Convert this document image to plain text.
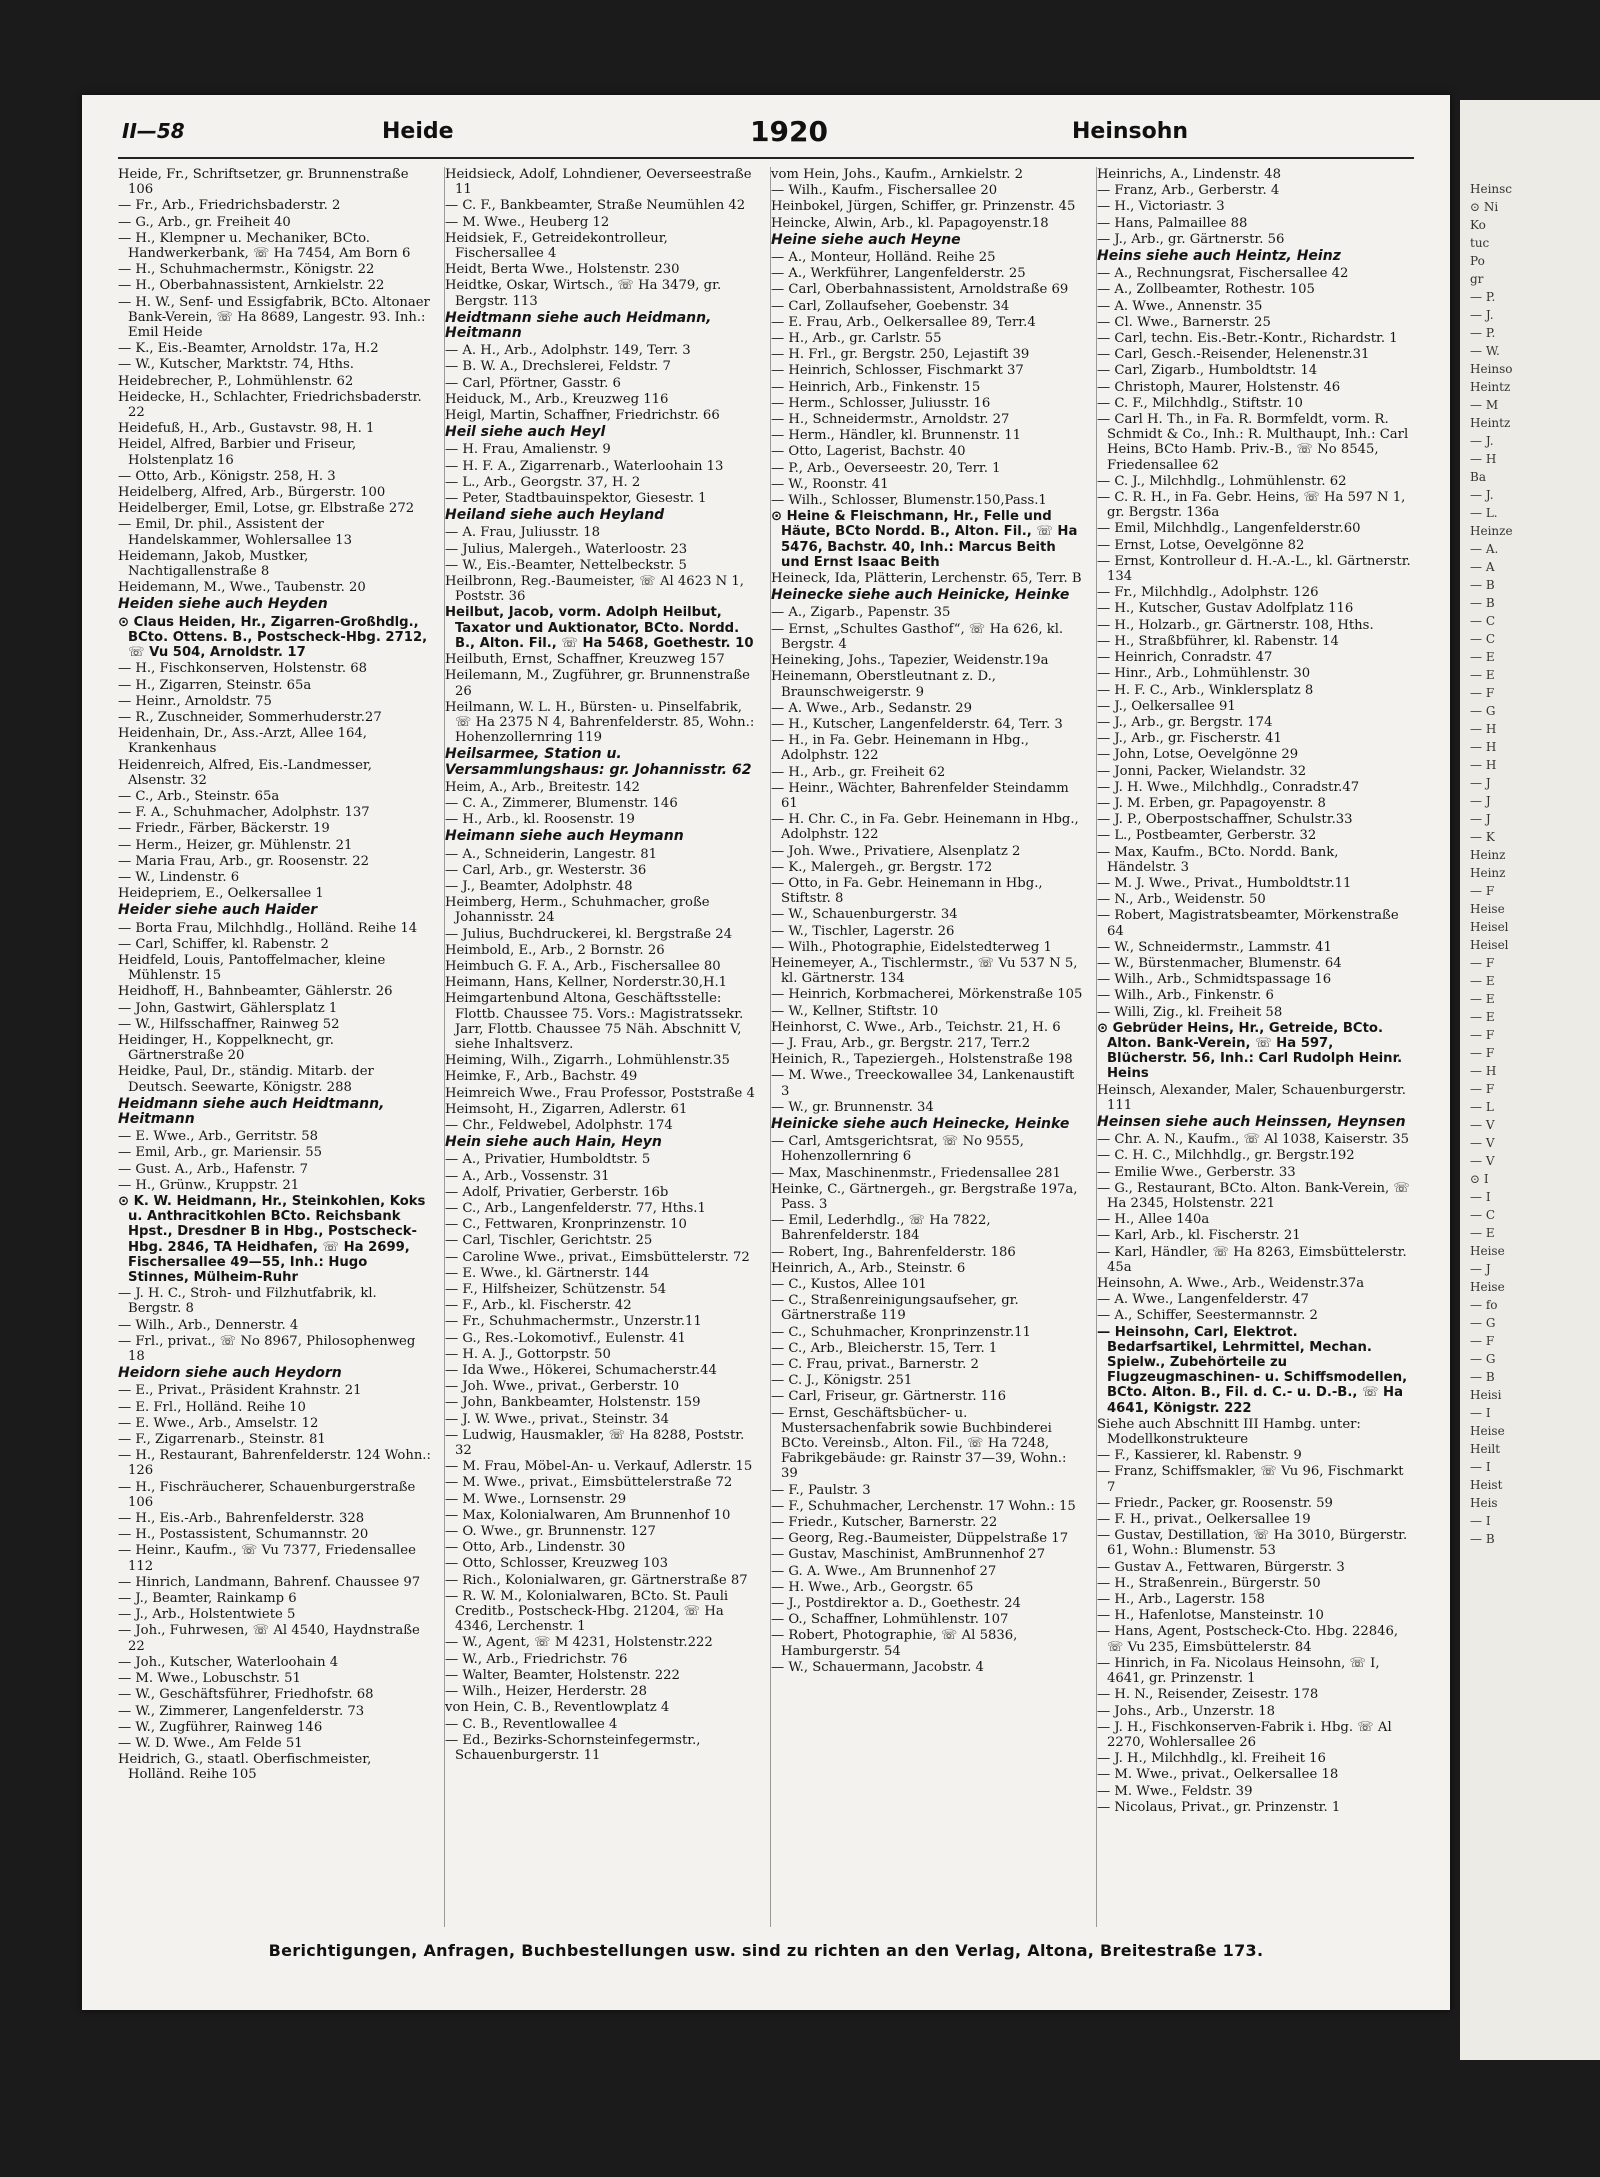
II—58	Heide	1920	Heinsohn
Heide, Fr., Schriftsetzer, gr. Brunnenstraße 106
— Fr., Arb., Friedrichsbaderstr. 2
— G., Arb., gr. Freiheit 40
— H., Klempner u. Mechaniker, BCto. Handwerkerbank, ☏ Ha 7454, Am Born 6
— H., Schuhmachermstr., Königstr. 22
— H., Oberbahnassistent, Arnkielstr. 22
— H. W., Senf- und Essigfabrik, BCto. Altonaer Bank-Verein, ☏ Ha 8689, Langestr. 93. Inh.: Emil Heide
— K., Eis.-Beamter, Arnoldstr. 17a, H.2
— W., Kutscher, Marktstr. 74, Hths.
Heidebrecher, P., Lohmühlenstr. 62
Heidecke, H., Schlachter, Friedrichsbaderstr. 22
Heidefuß, H., Arb., Gustavstr. 98, H. 1
Heidel, Alfred, Barbier und Friseur, Holstenplatz 16
— Otto, Arb., Königstr. 258, H. 3
Heidelberg, Alfred, Arb., Bürgerstr. 100
Heidelberger, Emil, Lotse, gr. Elbstraße 272
— Emil, Dr. phil., Assistent der Handelskammer, Wohlersallee 13
Heidemann, Jakob, Mustker, Nachtigallenstraße 8
Heidemann, M., Wwe., Taubenstr. 20
Heiden siehe auch Heyden
⊙ Claus Heiden, Hr., Zigarren-Großhdlg., BCto. Ottens. B., Postscheck-Hbg. 2712, ☏ Vu 504, Arnoldstr. 17
— H., Fischkonserven, Holstenstr. 68
— H., Zigarren, Steinstr. 65a
— Heinr., Arnoldstr. 75
— R., Zuschneider, Sommerhuderstr.27
Heidenhain, Dr., Ass.-Arzt, Allee 164, Krankenhaus
Heidenreich, Alfred, Eis.-Landmesser, Alsenstr. 32
— C., Arb., Steinstr. 65a
— F. A., Schuhmacher, Adolphstr. 137
— Friedr., Färber, Bäckerstr. 19
— Herm., Heizer, gr. Mühlenstr. 21
— Maria Frau, Arb., gr. Roosenstr. 22
— W., Lindenstr. 6
Heidepriem, E., Oelkersallee 1
Heider siehe auch Haider
— Borta Frau, Milchhdlg., Holländ. Reihe 14
— Carl, Schiffer, kl. Rabenstr. 2
Heidfeld, Louis, Pantoffelmacher, kleine Mühlenstr. 15
Heidhoff, H., Bahnbeamter, Gählerstr. 26
— John, Gastwirt, Gählersplatz 1
— W., Hilfsschaffner, Rainweg 52
Heidinger, H., Koppelknecht, gr. Gärtnerstraße 20
Heidke, Paul, Dr., ständig. Mitarb. der Deutsch. Seewarte, Königstr. 288
Heidmann siehe auch Heidtmann, Heitmann
— E. Wwe., Arb., Gerritstr. 58
— Emil, Arb., gr. Mariensir. 55
— Gust. A., Arb., Hafenstr. 7
— H., Grünw., Kruppstr. 21
⊙ K. W. Heidmann, Hr., Steinkohlen, Koks u. Anthracitkohlen BCto. Reichsbank Hpst., Dresdner B in Hbg., Postscheck-Hbg. 2846, TA Heidhafen, ☏ Ha 2699, Fischersallee 49—55, Inh.: Hugo Stinnes, Mülheim-Ruhr
— J. H. C., Stroh- und Filzhutfabrik, kl. Bergstr. 8
— Wilh., Arb., Dennerstr. 4
— Frl., privat., ☏ No 8967, Philosophenweg 18
Heidorn siehe auch Heydorn
— E., Privat., Präsident Krahnstr. 21
— E. Frl., Holländ. Reihe 10
— E. Wwe., Arb., Amselstr. 12
— F., Zigarrenarb., Steinstr. 81
— H., Restaurant, Bahrenfelderstr. 124 Wohn.: 126
— H., Fischräucherer, Schauenburgerstraße 106
— H., Eis.-Arb., Bahrenfelderstr. 328
— H., Postassistent, Schumannstr. 20
— Heinr., Kaufm., ☏ Vu 7377, Friedensallee 112
— Hinrich, Landmann, Bahrenf. Chaussee 97
— J., Beamter, Rainkamp 6
— J., Arb., Holstentwiete 5
— Joh., Fuhrwesen, ☏ Al 4540, Haydnstraße 22
— Joh., Kutscher, Waterloohain 4
— M. Wwe., Lobuschstr. 51
— W., Geschäftsführer, Friedhofstr. 68
— W., Zimmerer, Langenfelderstr. 73
— W., Zugführer, Rainweg 146
— W. D. Wwe., Am Felde 51
Heidrich, G., staatl. Oberfischmeister, Holländ. Reihe 105
Heidsieck, Adolf, Lohndiener, Oeverseestraße 11
— C. F., Bankbeamter, Straße Neumühlen 42
— M. Wwe., Heuberg 12
Heidsiek, F., Getreidekontrolleur, Fischersallee 4
Heidt, Berta Wwe., Holstenstr. 230
Heidtke, Oskar, Wirtsch., ☏ Ha 3479, gr. Bergstr. 113
Heidtmann siehe auch Heidmann, Heitmann
— A. H., Arb., Adolphstr. 149, Terr. 3
— B. W. A., Drechslerei, Feldstr. 7
— Carl, Pförtner, Gasstr. 6
Heiduck, M., Arb., Kreuzweg 116
Heigl, Martin, Schaffner, Friedrichstr. 66
Heil siehe auch Heyl
— H. Frau, Amalienstr. 9
— H. F. A., Zigarrenarb., Waterloohain 13
— L., Arb., Georgstr. 37, H. 2
— Peter, Stadtbauinspektor, Giesestr. 1
Heiland siehe auch Heyland
— A. Frau, Juliusstr. 18
— Julius, Malergeh., Waterloostr. 23
— W., Eis.-Beamter, Nettelbeckstr. 5
Heilbronn, Reg.-Baumeister, ☏ Al 4623 N 1, Poststr. 36
Heilbut, Jacob, vorm. Adolph Heilbut, Taxator und Auktionator, BCto. Nordd. B., Alton. Fil., ☏ Ha 5468, Goethestr. 10
Heilbuth, Ernst, Schaffner, Kreuzweg 157
Heilemann, M., Zugführer, gr. Brunnenstraße 26
Heilmann, W. L. H., Bürsten- u. Pinselfabrik, ☏ Ha 2375 N 4, Bahrenfelderstr. 85, Wohn.: Hohenzollernring 119
Heilsarmee, Station u. Versammlungshaus: gr. Johannisstr. 62
Heim, A., Arb., Breitestr. 142
— C. A., Zimmerer, Blumenstr. 146
— H., Arb., kl. Roosenstr. 19
Heimann siehe auch Heymann
— A., Schneiderin, Langestr. 81
— Carl, Arb., gr. Westerstr. 36
— J., Beamter, Adolphstr. 48
Heimberg, Herm., Schuhmacher, große Johannisstr. 24
— Julius, Buchdruckerei, kl. Bergstraße 24
Heimbold, E., Arb., 2 Bornstr. 26
Heimbuch G. F. A., Arb., Fischersallee 80
Heimann, Hans, Kellner, Norderstr.30,H.1
Heimgartenbund Altona, Geschäftsstelle: Flottb. Chaussee 75. Vors.: Magistratssekr. Jarr, Flottb. Chaussee 75 Näh. Abschnitt V, siehe Inhaltsverz.
Heiming, Wilh., Zigarrh., Lohmühlenstr.35
Heimke, F., Arb., Bachstr. 49
Heimreich Wwe., Frau Professor, Poststraße 4
Heimsoht, H., Zigarren, Adlerstr. 61
— Chr., Feldwebel, Adolphstr. 174
Hein siehe auch Hain, Heyn
— A., Privatier, Humboldtstr. 5
— A., Arb., Vossenstr. 31
— Adolf, Privatier, Gerberstr. 16b
— C., Arb., Langenfelderstr. 77, Hths.1
— C., Fettwaren, Kronprinzenstr. 10
— Carl, Tischler, Gerichtstr. 25
— Caroline Wwe., privat., Eimsbüttelerstr. 72
— E. Wwe., kl. Gärtnerstr. 144
— F., Hilfsheizer, Schützenstr. 54
— F., Arb., kl. Fischerstr. 42
— Fr., Schuhmachermstr., Unzerstr.11
— G., Res.-Lokomotivf., Eulenstr. 41
— H. A. J., Gottorpstr. 50
— Ida Wwe., Hökerei, Schumacherstr.44
— Joh. Wwe., privat., Gerberstr. 10
— John, Bankbeamter, Holstenstr. 159
— J. W. Wwe., privat., Steinstr. 34
— Ludwig, Hausmakler, ☏ Ha 8288, Poststr. 32
— M. Frau, Möbel-An- u. Verkauf, Adlerstr. 15
— M. Wwe., privat., Eimsbüttelerstraße 72
— M. Wwe., Lornsenstr. 29
— Max, Kolonialwaren, Am Brunnenhof 10
— O. Wwe., gr. Brunnenstr. 127
— Otto, Arb., Lindenstr. 30
— Otto, Schlosser, Kreuzweg 103
— Rich., Kolonialwaren, gr. Gärtnerstraße 87
— R. W. M., Kolonialwaren, BCto. St. Pauli Creditb., Postscheck-Hbg. 21204, ☏ Ha 4346, Lerchenstr. 1
— W., Agent, ☏ M 4231, Holstenstr.222
— W., Arb., Friedrichstr. 76
— Walter, Beamter, Holstenstr. 222
— Wilh., Heizer, Herderstr. 28
von Hein, C. B., Reventlowplatz 4
— C. B., Reventlowallee 4
— Ed., Bezirks-Schornsteinfegermstr., Schauenburgerstr. 11
vom Hein, Johs., Kaufm., Arnkielstr. 2
— Wilh., Kaufm., Fischersallee 20
Heinbokel, Jürgen, Schiffer, gr. Prinzenstr. 45
Heincke, Alwin, Arb., kl. Papagoyenstr.18
Heine siehe auch Heyne
— A., Monteur, Holländ. Reihe 25
— A., Werkführer, Langenfelderstr. 25
— Carl, Oberbahnassistent, Arnoldstraße 69
— Carl, Zollaufseher, Goebenstr. 34
— E. Frau, Arb., Oelkersallee 89, Terr.4
— H., Arb., gr. Carlstr. 55
— H. Frl., gr. Bergstr. 250, Lejastift 39
— Heinrich, Schlosser, Fischmarkt 37
— Heinrich, Arb., Finkenstr. 15
— Herm., Schlosser, Juliusstr. 16
— H., Schneidermstr., Arnoldstr. 27
— Herm., Händler, kl. Brunnenstr. 11
— Otto, Lagerist, Bachstr. 40
— P., Arb., Oeverseestr. 20, Terr. 1
— W., Roonstr. 41
— Wilh., Schlosser, Blumenstr.150,Pass.1
⊙ Heine & Fleischmann, Hr., Felle und Häute, BCto Nordd. B., Alton. Fil., ☏ Ha 5476, Bachstr. 40, Inh.: Marcus Beith und Ernst Isaac Beith
Heineck, Ida, Plätterin, Lerchenstr. 65, Terr. B
Heinecke siehe auch Heinicke, Heinke
— A., Zigarb., Papenstr. 35
— Ernst, „Schultes Gasthof“, ☏ Ha 626, kl. Bergstr. 4
Heineking, Johs., Tapezier, Weidenstr.19a
Heinemann, Oberstleutnant z. D., Braunschweigerstr. 9
— A. Wwe., Arb., Sedanstr. 29
— H., Kutscher, Langenfelderstr. 64, Terr. 3
— H., in Fa. Gebr. Heinemann in Hbg., Adolphstr. 122
— H., Arb., gr. Freiheit 62
— Heinr., Wächter, Bahrenfelder Steindamm 61
— H. Chr. C., in Fa. Gebr. Heinemann in Hbg., Adolphstr. 122
— Joh. Wwe., Privatiere, Alsenplatz 2
— K., Malergeh., gr. Bergstr. 172
— Otto, in Fa. Gebr. Heinemann in Hbg., Stiftstr. 8
— W., Schauenburgerstr. 34
— W., Tischler, Lagerstr. 26
— Wilh., Photographie, Eidelstedterweg 1
Heinemeyer, A., Tischlermstr., ☏ Vu 537 N 5, kl. Gärtnerstr. 134
— Heinrich, Korbmacherei, Mörkenstraße 105
— W., Kellner, Stiftstr. 10
Heinhorst, C. Wwe., Arb., Teichstr. 21, H. 6
— J. Frau, Arb., gr. Bergstr. 217, Terr.2
Heinich, R., Tapeziergeh., Holstenstraße 198
— M. Wwe., Treeckowallee 34, Lankenaustift 3
— W., gr. Brunnenstr. 34
Heinicke siehe auch Heinecke, Heinke
— Carl, Amtsgerichtsrat, ☏ No 9555, Hohenzollernring 6
— Max, Maschinenmstr., Friedensallee 281
Heinke, C., Gärtnergeh., gr. Bergstraße 197a, Pass. 3
— Emil, Lederhdlg., ☏ Ha 7822, Bahrenfelderstr. 184
— Robert, Ing., Bahrenfelderstr. 186
Heinrich, A., Arb., Steinstr. 6
— C., Kustos, Allee 101
— C., Straßenreinigungsaufseher, gr. Gärtnerstraße 119
— C., Schuhmacher, Kronprinzenstr.11
— C., Arb., Bleicherstr. 15, Terr. 1
— C. Frau, privat., Barnerstr. 2
— C. J., Königstr. 251
— Carl, Friseur, gr. Gärtnerstr. 116
— Ernst, Geschäftsbücher- u. Mustersachenfabrik sowie Buchbinderei BCto. Vereinsb., Alton. Fil., ☏ Ha 7248, Fabrikgebäude: gr. Rainstr 37—39, Wohn.: 39
— F., Paulstr. 3
— F., Schuhmacher, Lerchenstr. 17 Wohn.: 15
— Friedr., Kutscher, Barnerstr. 22
— Georg, Reg.-Baumeister, Düppelstraße 17
— Gustav, Maschinist, AmBrunnenhof 27
— G. A. Wwe., Am Brunnenhof 27
— H. Wwe., Arb., Georgstr. 65
— J., Postdirektor a. D., Goethestr. 24
— O., Schaffner, Lohmühlenstr. 107
— Robert, Photographie, ☏ Al 5836, Hamburgerstr. 54
— W., Schauermann, Jacobstr. 4
Heinrichs, A., Lindenstr. 48
— Franz, Arb., Gerberstr. 4
— H., Victoriastr. 3
— Hans, Palmaillee 88
— J., Arb., gr. Gärtnerstr. 56
Heins siehe auch Heintz, Heinz
— A., Rechnungsrat, Fischersallee 42
— A., Zollbeamter, Rothestr. 105
— A. Wwe., Annenstr. 35
— Cl. Wwe., Barnerstr. 25
— Carl, techn. Eis.-Betr.-Kontr., Richardstr. 1
— Carl, Gesch.-Reisender, Helenenstr.31
— Carl, Zigarb., Humboldtstr. 14
— Christoph, Maurer, Holstenstr. 46
— C. F., Milchhdlg., Stiftstr. 10
— Carl H. Th., in Fa. R. Bormfeldt, vorm. R. Schmidt & Co., Inh.: R. Multhaupt, Inh.: Carl Heins, BCto Hamb. Priv.-B., ☏ No 8545, Friedensallee 62
— C. J., Milchhdlg., Lohmühlenstr. 62
— C. R. H., in Fa. Gebr. Heins, ☏ Ha 597 N 1, gr. Bergstr. 136a
— Emil, Milchhdlg., Langenfelderstr.60
— Ernst, Lotse, Oevelgönne 82
— Ernst, Kontrolleur d. H.-A.-L., kl. Gärtnerstr. 134
— Fr., Milchhdlg., Adolphstr. 126
— H., Kutscher, Gustav Adolfplatz 116
— H., Holzarb., gr. Gärtnerstr. 108, Hths.
— H., Straßbführer, kl. Rabenstr. 14
— Heinrich, Conradstr. 47
— Hinr., Arb., Lohmühlenstr. 30
— H. F. C., Arb., Winklersplatz 8
— J., Oelkersallee 91
— J., Arb., gr. Bergstr. 174
— J., Arb., gr. Fischerstr. 41
— John, Lotse, Oevelgönne 29
— Jonni, Packer, Wielandstr. 32
— J. H. Wwe., Milchhdlg., Conradstr.47
— J. M. Erben, gr. Papagoyenstr. 8
— J. P., Oberpostschaffner, Schulstr.33
— L., Postbeamter, Gerberstr. 32
— Max, Kaufm., BCto. Nordd. Bank, Händelstr. 3
— M. J. Wwe., Privat., Humboldtstr.11
— N., Arb., Weidenstr. 50
— Robert, Magistratsbeamter, Mörkenstraße 64
— W., Schneidermstr., Lammstr. 41
— W., Bürstenmacher, Blumenstr. 64
— Wilh., Arb., Schmidtspassage 16
— Wilh., Arb., Finkenstr. 6
— Willi, Zig., kl. Freiheit 58
⊙ Gebrüder Heins, Hr., Getreide, BCto. Alton. Bank-Verein, ☏ Ha 597, Blücherstr. 56, Inh.: Carl Rudolph Heinr. Heins
Heinsch, Alexander, Maler, Schauenburgerstr. 111
Heinsen siehe auch Heinssen, Heynsen
— Chr. A. N., Kaufm., ☏ Al 1038, Kaiserstr. 35
— C. H. C., Milchhdlg., gr. Bergstr.192
— Emilie Wwe., Gerberstr. 33
— G., Restaurant, BCto. Alton. Bank-Verein, ☏ Ha 2345, Holstenstr. 221
— H., Allee 140a
— Karl, Arb., kl. Fischerstr. 21
— Karl, Händler, ☏ Ha 8263, Eimsbüttelerstr. 45a
Heinsohn, A. Wwe., Arb., Weidenstr.37a
— A. Wwe., Langenfelderstr. 47
— A., Schiffer, Seestermannstr. 2
— Heinsohn, Carl, Elektrot. Bedarfsartikel, Lehrmittel, Mechan. Spielw., Zubehörteile zu Flugzeugmaschinen- u. Schiffsmodellen, BCto. Alton. B., Fil. d. C.- u. D.-B., ☏ Ha 4641, Königstr. 222
Siehe auch Abschnitt III Hambg. unter: Modellkonstrukteure
— F., Kassierer, kl. Rabenstr. 9
— Franz, Schiffsmakler, ☏ Vu 96, Fischmarkt 7
— Friedr., Packer, gr. Roosenstr. 59
— F. H., privat., Oelkersallee 19
— Gustav, Destillation, ☏ Ha 3010, Bürgerstr. 61, Wohn.: Blumenstr. 53
— Gustav A., Fettwaren, Bürgerstr. 3
— H., Straßenrein., Bürgerstr. 50
— H., Arb., Lagerstr. 158
— H., Hafenlotse, Mansteinstr. 10
— Hans, Agent, Postscheck-Cto. Hbg. 22846, ☏ Vu 235, Eimsbüttelerstr. 84
— Hinrich, in Fa. Nicolaus Heinsohn, ☏ I, 4641, gr. Prinzenstr. 1
— H. N., Reisender, Zeisestr. 178
— Johs., Arb., Unzerstr. 18
— J. H., Fischkonserven-Fabrik i. Hbg. ☏ Al 2270, Wohlersallee 26
— J. H., Milchhdlg., kl. Freiheit 16
— M. Wwe., privat., Oelkersallee 18
— M. Wwe., Feldstr. 39
— Nicolaus, Privat., gr. Prinzenstr. 1
Berichtigungen, Anfragen, Buchbestellungen usw. sind zu richten an den Verlag, Altona, Breitestraße 173.
Heinsc
⊙ Ni
Ko
tuc
Po
gr
— P.
— J.
— P.
— W.
Heinso
Heintz
— M
Heintz
— J.
— H
Ba
— J.
— L.
Heinze
— A.
— A
— B
— B
— C
— C
— E
— E
— F
— G
— H
— H
— H
— J
— J
— J
— K
Heinz
Heinz
— F
Heise
Heisel
Heisel
— F
— E
— E
— E
— F
— F
— H
— F
— L
— V
— V
— V
⊙ I
— I
— C
— E
Heise
— J
Heise
— fo
— G
— F
— G
— B
Heisi
— I
Heise
Heilt
— I
Heist
Heis
— I
— B
